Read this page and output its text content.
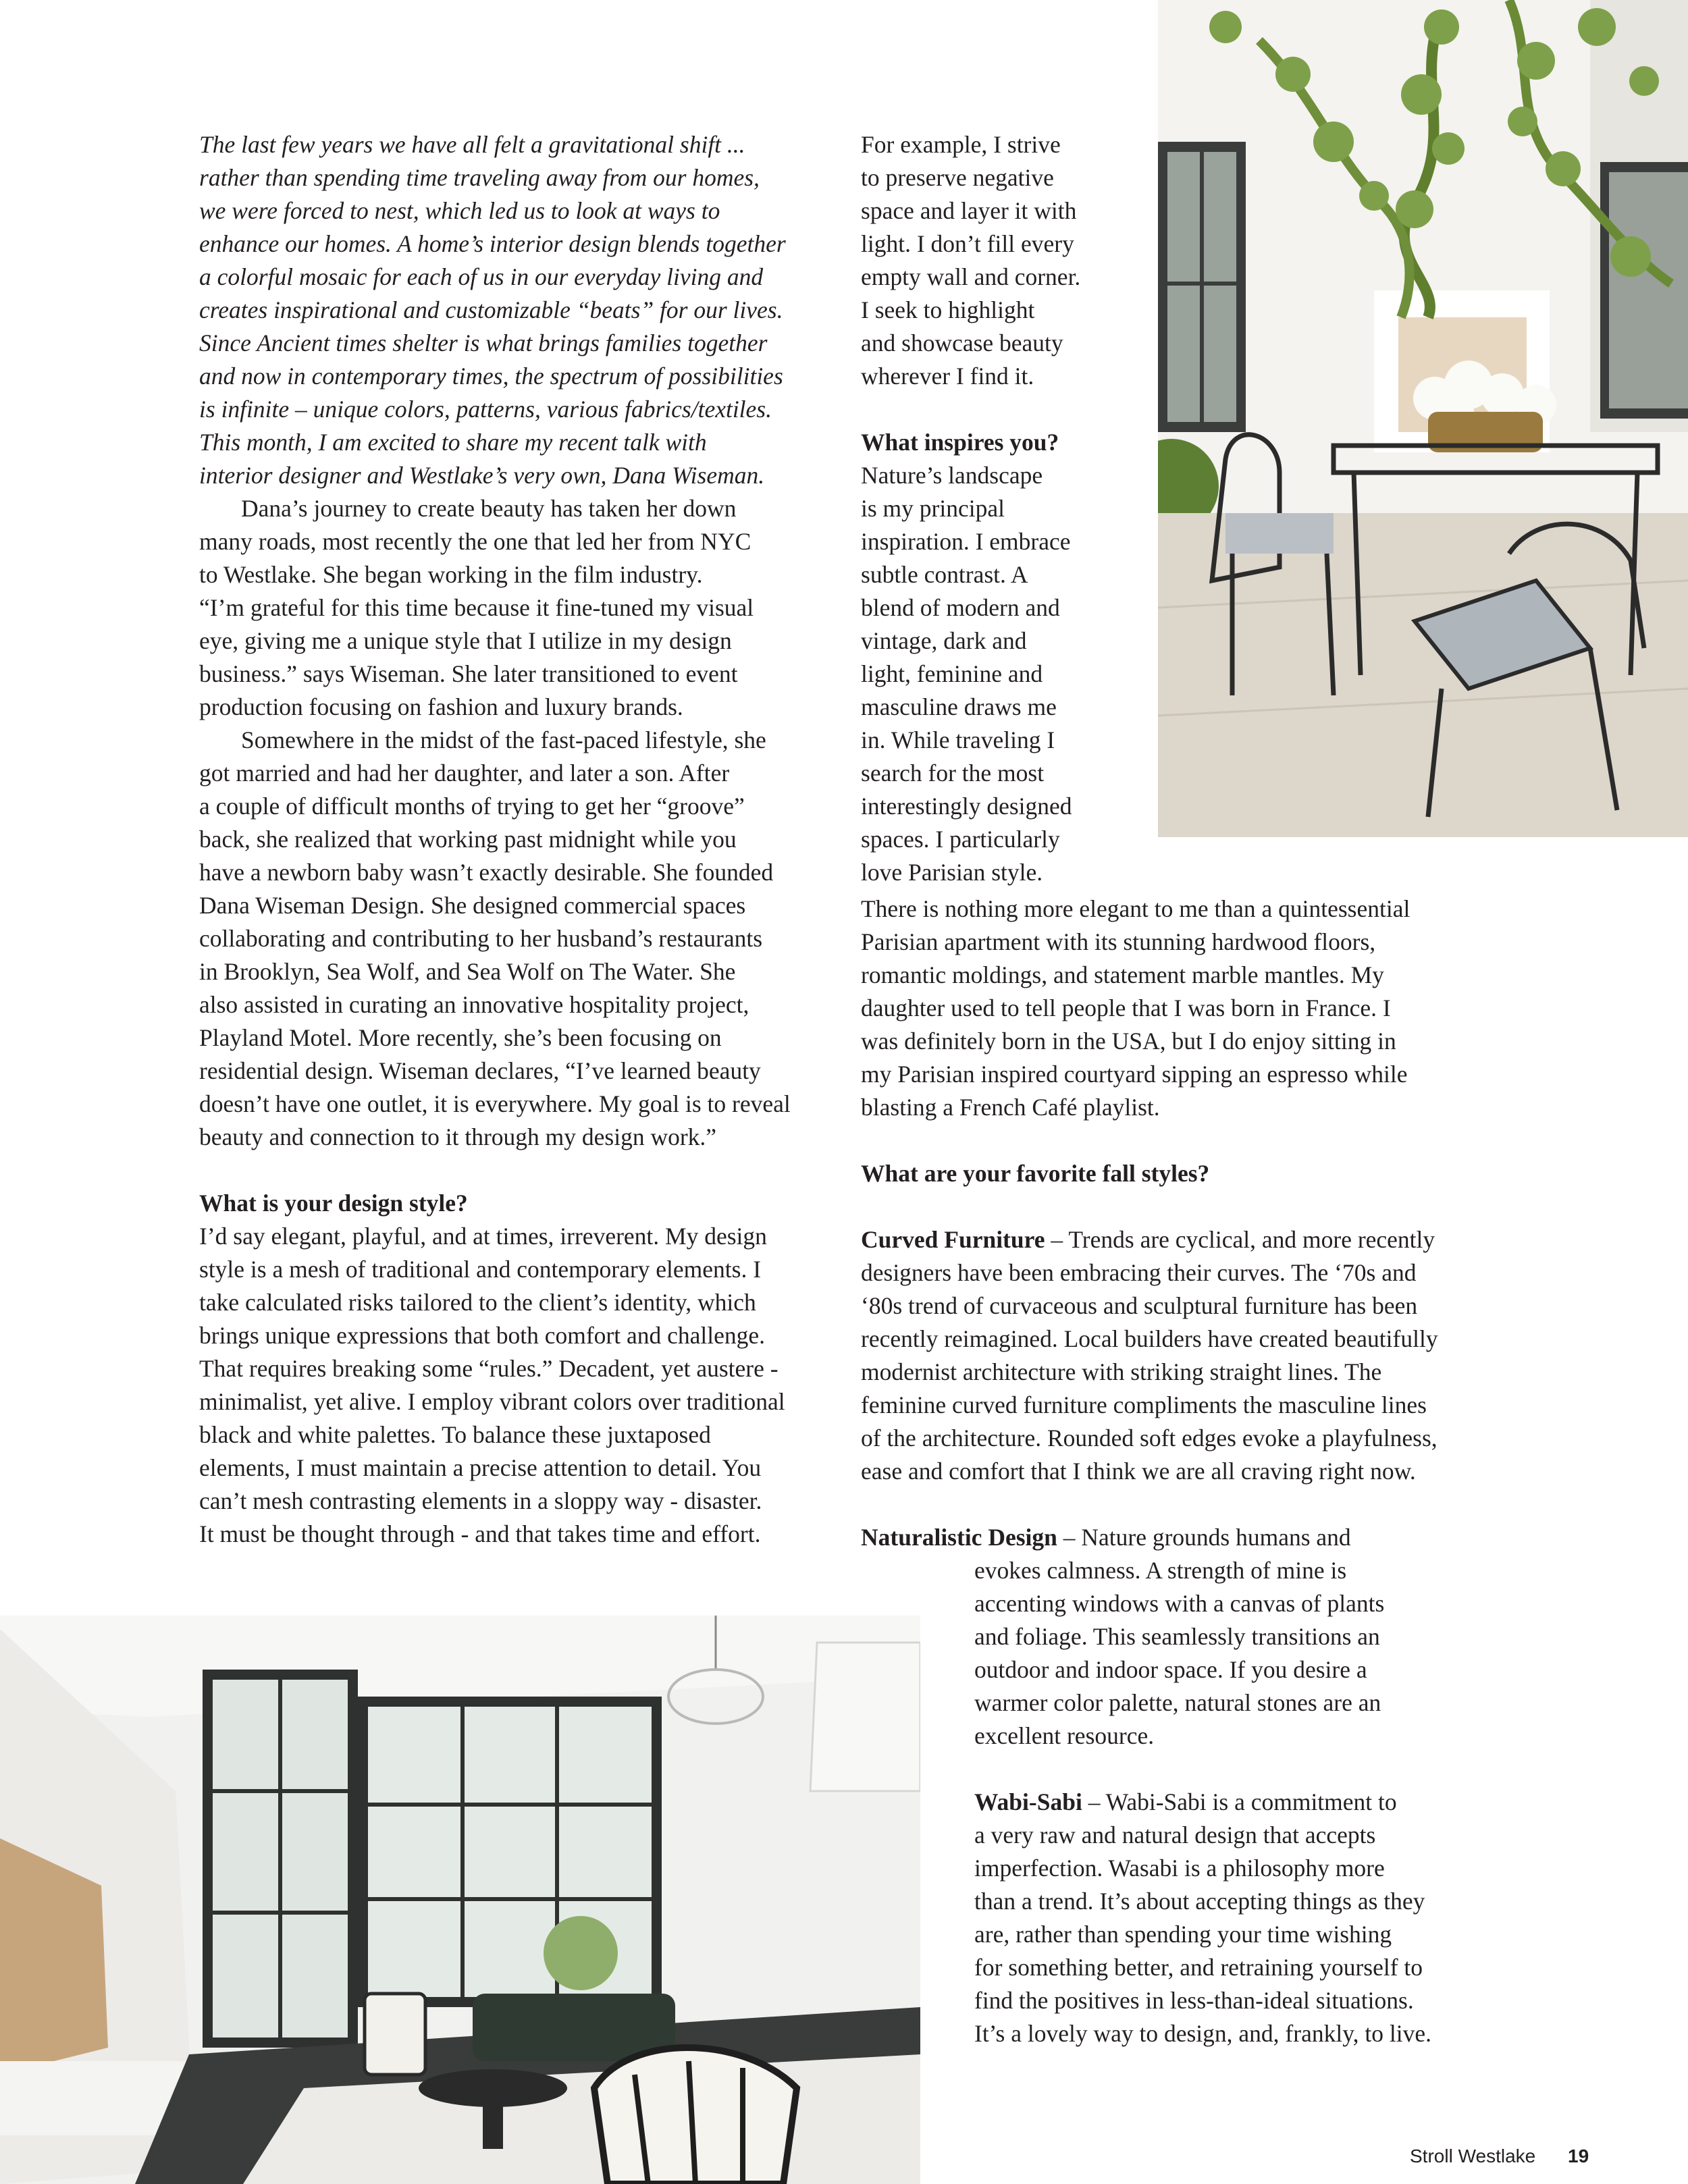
The last few years we have all felt a gravitational shift ...

rather than spending time traveling away from our homes,

we were forced to nest, which led us to look at ways to

enhance our homes. A home’s interior design blends together

a colorful mosaic for each of us in our everyday living and

creates inspirational and customizable “beats” for our lives.

Since Ancient times shelter is what brings families together

and now in contemporary times, the spectrum of possibilities

is infinite – unique colors, patterns, various fabrics/textiles.

This month, I am excited to share my recent talk with

interior designer and Westlake’s very own, Dana Wiseman.

Dana’s journey to create beauty has taken her down

many roads, most recently the one that led her from NYC

to Westlake. She began working in the film industry.

“I’m grateful for this time because it fine-tuned my visual

eye, giving me a unique style that I utilize in my design

business.” says Wiseman. She later transitioned to event

production focusing on fashion and luxury brands.

Somewhere in the midst of the fast-paced lifestyle, she

got married and had her daughter, and later a son. After

a couple of difficult months of trying to get her “groove”

back, she realized that working past midnight while you

have a newborn baby wasn’t exactly desirable. She founded

Dana Wiseman Design. She designed commercial spaces

collaborating and contributing to her husband’s restaurants

in Brooklyn, Sea Wolf, and Sea Wolf on The Water. She

also assisted in curating an innovative hospitality project,

Playland Motel. More recently, she’s been focusing on

residential design. Wiseman declares, “I’ve learned beauty

doesn’t have one outlet, it is everywhere. My goal is to reveal

beauty and connection to it through my design work.”

What is your design style?

I’d say elegant, playful, and at times, irreverent. My design

style is a mesh of traditional and contemporary elements. I

take calculated risks tailored to the client’s identity, which

brings unique expressions that both comfort and challenge.

That requires breaking some “rules.” Decadent, yet austere -

minimalist, yet alive. I employ vibrant colors over traditional

black and white palettes. To balance these juxtaposed

elements, I must maintain a precise attention to detail. You

can’t mesh contrasting elements in a sloppy way - disaster.

It must be thought through - and that takes time and effort.

For example, I strive

to preserve negative

space and layer it with

light. I don’t fill every

empty wall and corner.

I seek to highlight

and showcase beauty

wherever I find it.

What inspires you?

Nature’s landscape

is my principal

inspiration. I embrace

subtle contrast. A

blend of modern and

vintage, dark and

light, feminine and

masculine draws me

in. While traveling I

search for the most

interestingly designed

spaces. I particularly

love Parisian style.

There is nothing more elegant to me than a quintessential

Parisian apartment with its stunning hardwood floors,

romantic moldings, and statement marble mantles. My

daughter used to tell people that I was born in France. I

was definitely born in the USA, but I do enjoy sitting in

my Parisian inspired courtyard sipping an espresso while

blasting a French Café playlist.

What are your favorite fall styles?

Curved Furniture – Trends are cyclical, and more recently

designers have been embracing their curves. The ‘70s and

‘80s trend of curvaceous and sculptural furniture has been

recently reimagined. Local builders have created beautifully

modernist architecture with striking straight lines. The

feminine curved furniture compliments the masculine lines

of the architecture. Rounded soft edges evoke a playfulness,

ease and comfort that I think we are all craving right now.

Naturalistic Design – Nature grounds humans and

evokes calmness. A strength of mine is

accenting windows with a canvas of plants

and foliage. This seamlessly transitions an

outdoor and indoor space. If you desire a

warmer color palette, natural stones are an

excellent resource.

Wabi-Sabi – Wabi-Sabi is a commitment to

a very raw and natural design that accepts

imperfection. Wasabi is a philosophy more

than a trend. It’s about accepting things as they

are, rather than spending your time wishing

for something better, and retraining yourself to

find the positives in less-than-ideal situations.

It’s a lovely way to design, and, frankly, to live.

Stroll Westlake 19
